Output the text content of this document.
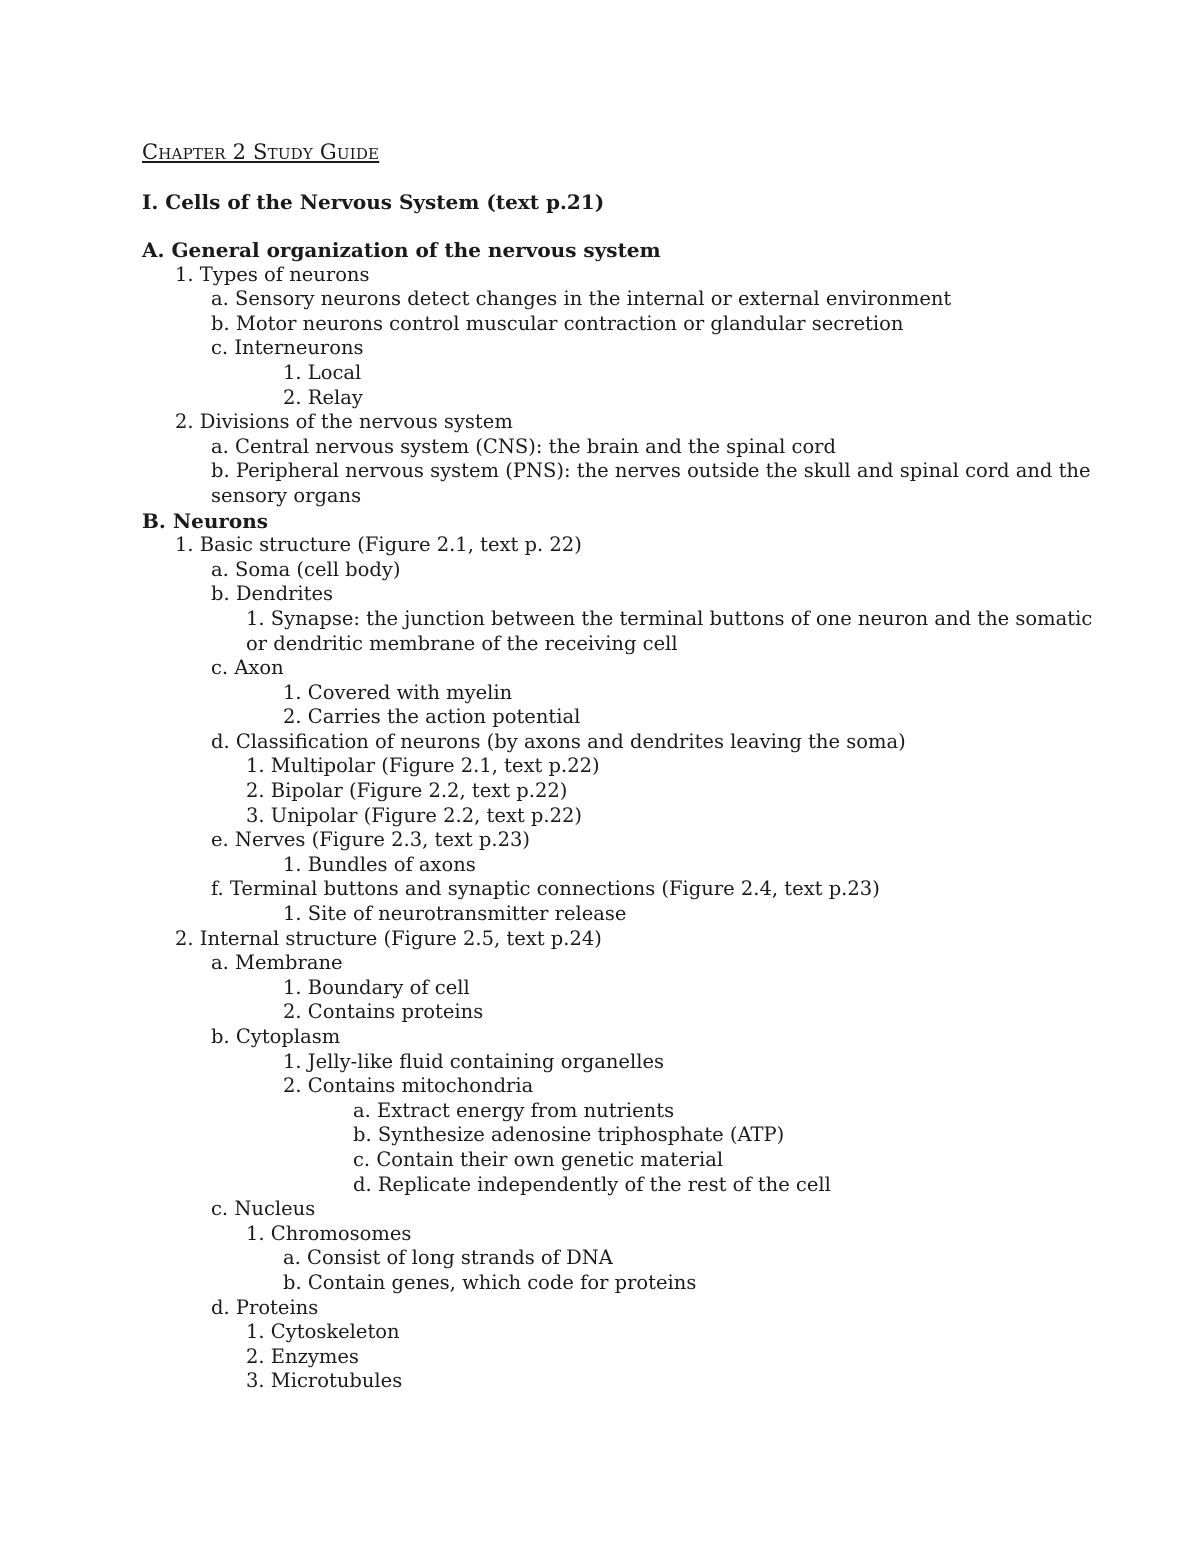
Chapter 2 Study Guide
I. Cells of the Nervous System (text p.21)
A. General organization of the nervous system
1. Types of neurons
a. Sensory neurons detect changes in the internal or external environment
b. Motor neurons control muscular contraction or glandular secretion
c. Interneurons
1. Local
2. Relay
2. Divisions of the nervous system
a. Central nervous system (CNS): the brain and the spinal cord
b. Peripheral nervous system (PNS): the nerves outside the skull and spinal cord and the
sensory organs
B. Neurons
1. Basic structure (Figure 2.1, text p. 22)
a. Soma (cell body)
b. Dendrites
1. Synapse: the junction between the terminal buttons of one neuron and the somatic
or dendritic membrane of the receiving cell
c. Axon
1. Covered with myelin
2. Carries the action potential
d. Classification of neurons (by axons and dendrites leaving the soma)
1. Multipolar (Figure 2.1, text p.22)
2. Bipolar (Figure 2.2, text p.22)
3. Unipolar (Figure 2.2, text p.22)
e. Nerves (Figure 2.3, text p.23)
1. Bundles of axons
f. Terminal buttons and synaptic connections (Figure 2.4, text p.23)
1. Site of neurotransmitter release
2. Internal structure (Figure 2.5, text p.24)
a. Membrane
1. Boundary of cell
2. Contains proteins
b. Cytoplasm
1. Jelly-like fluid containing organelles
2. Contains mitochondria
a. Extract energy from nutrients
b. Synthesize adenosine triphosphate (ATP)
c. Contain their own genetic material
d. Replicate independently of the rest of the cell
c. Nucleus
1. Chromosomes
a. Consist of long strands of DNA
b. Contain genes, which code for proteins
d. Proteins
1. Cytoskeleton
2. Enzymes
3. Microtubules
